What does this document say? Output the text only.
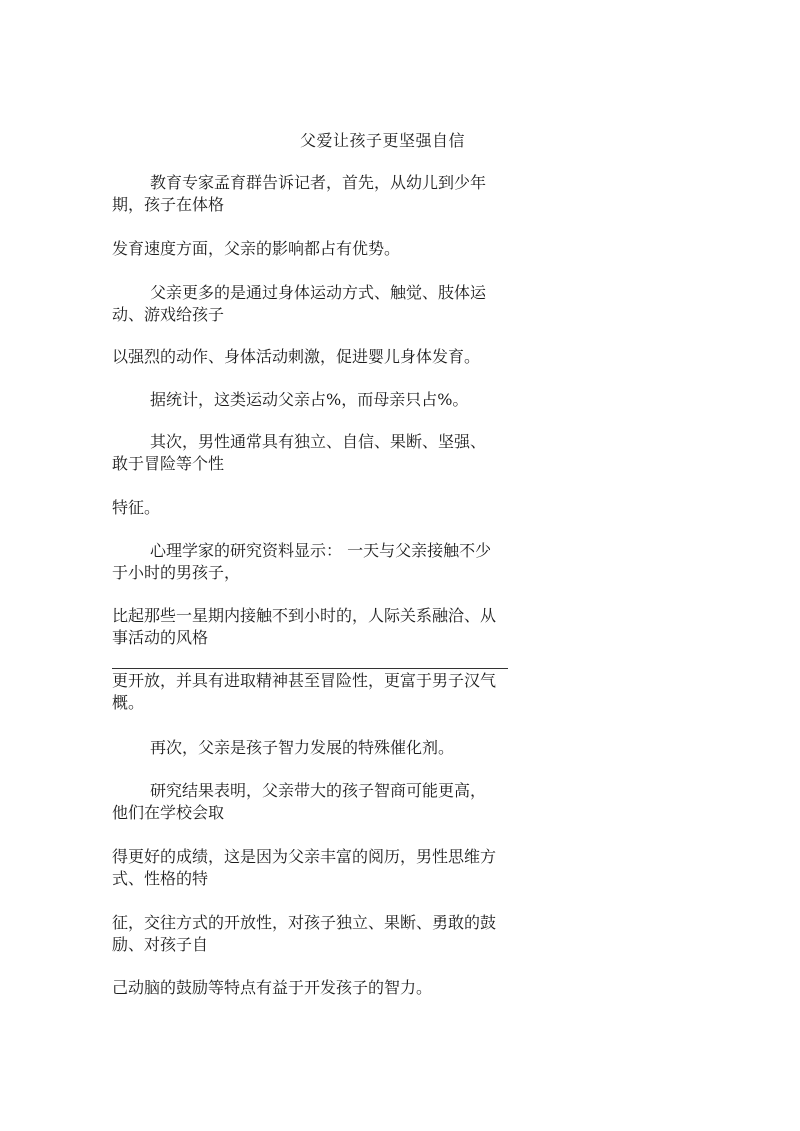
父爱让孩子更坚强自信
教育专家孟育群告诉记者，首先，从幼儿到少年
期，孩子在体格
发育速度方面，父亲的影响都占有优势。
父亲更多的是通过身体运动方式、触觉、肢体运
动、游戏给孩子
以强烈的动作、身体活动刺激，促进婴儿身体发育。
据统计，这类运动父亲占%，而母亲只占%。
其次，男性通常具有独立、自信、果断、坚强、
敢于冒险等个性
特征。
心理学家的研究资料显示： 一天与父亲接触不少
于小时的男孩子，
比起那些一星期内接触不到小时的，人际关系融洽、从
事活动的风格
更开放，并具有进取精神甚至冒险性，更富于男子汉气
概。
再次，父亲是孩子智力发展的特殊催化剂。
研究结果表明，父亲带大的孩子智商可能更高，
他们在学校会取
得更好的成绩，这是因为父亲丰富的阅历，男性思维方
式、性格的特
征，交往方式的开放性，对孩子独立、果断、勇敢的鼓
励、对孩子自
己动脑的鼓励等特点有益于开发孩子的智力。
